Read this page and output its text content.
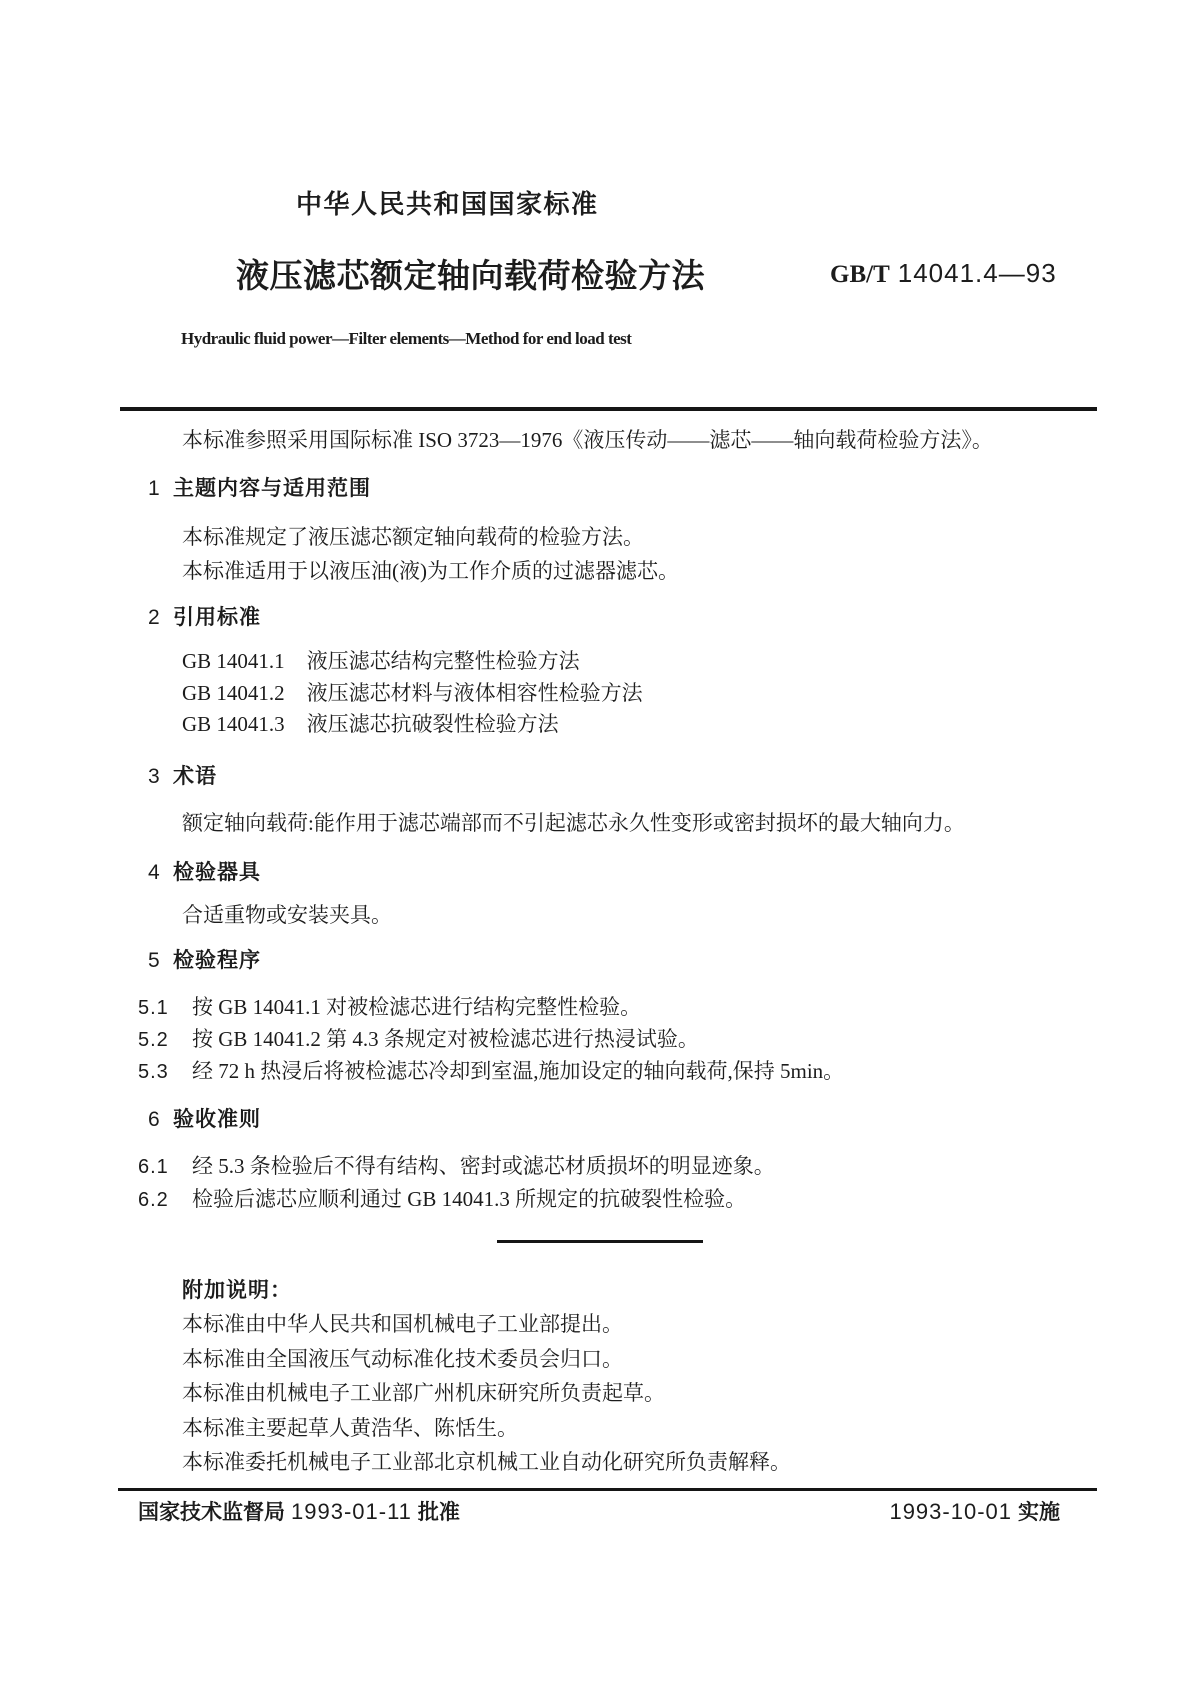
中华人民共和国国家标准
液压滤芯额定轴向载荷检验方法	GB/T 14041.4—93
Hydraulic fluid power—Filter elements—Method for end load test
本标准参照采用国际标准 ISO 3723—1976《液压传动——滤芯——轴向载荷检验方法》。
1 主题内容与适用范围
本标准规定了液压滤芯额定轴向载荷的检验方法。
本标准适用于以液压油(液)为工作介质的过滤器滤芯。
2 引用标准
GB 14041.1 液压滤芯结构完整性检验方法
GB 14041.2 液压滤芯材料与液体相容性检验方法
GB 14041.3 液压滤芯抗破裂性检验方法
3 术语
额定轴向载荷:能作用于滤芯端部而不引起滤芯永久性变形或密封损坏的最大轴向力。
4 检验器具
合适重物或安装夹具。
5 检验程序
5.1 按 GB 14041.1 对被检滤芯进行结构完整性检验。
5.2 按 GB 14041.2 第 4.3 条规定对被检滤芯进行热浸试验。
5.3 经 72 h 热浸后将被检滤芯冷却到室温,施加设定的轴向载荷,保持 5min。
6 验收准则
6.1 经 5.3 条检验后不得有结构、密封或滤芯材质损坏的明显迹象。
6.2 检验后滤芯应顺利通过 GB 14041.3 所规定的抗破裂性检验。
附加说明：
本标准由中华人民共和国机械电子工业部提出。
本标准由全国液压气动标准化技术委员会归口。
本标准由机械电子工业部广州机床研究所负责起草。
本标准主要起草人黄浩华、陈恬生。
本标准委托机械电子工业部北京机械工业自动化研究所负责解释。
国家技术监督局 1993-01-11 批准	1993-10-01 实施
